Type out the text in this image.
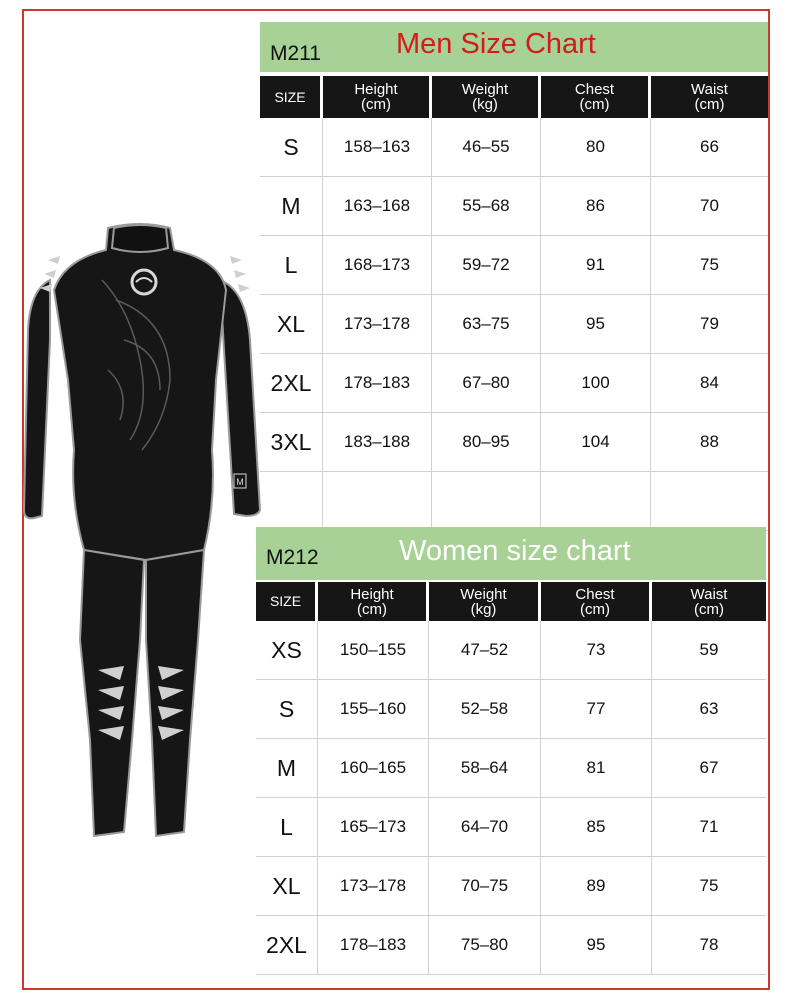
M
M211	Men Size Chart
SIZE	Height
(cm)
Weight
(kg)
Chest
(cm)
Waist
(cm)
S	158–163	46–55	80	66
M	163–168	55–68	86	70
L	168–173	59–72	91	75
XL	173–178	63–75	95	79
2XL	178–183	67–80	100	84
3XL	183–188	80–95	104	88
M212	Women size chart
SIZE	Height
(cm)
Weight
(kg)
Chest
(cm)
Waist
(cm)
XS	150–155	47–52	73	59
S	155–160	52–58	77	63
M	160–165	58–64	81	67
L	165–173	64–70	85	71
XL	173–178	70–75	89	75
2XL	178–183	75–80	95	78
